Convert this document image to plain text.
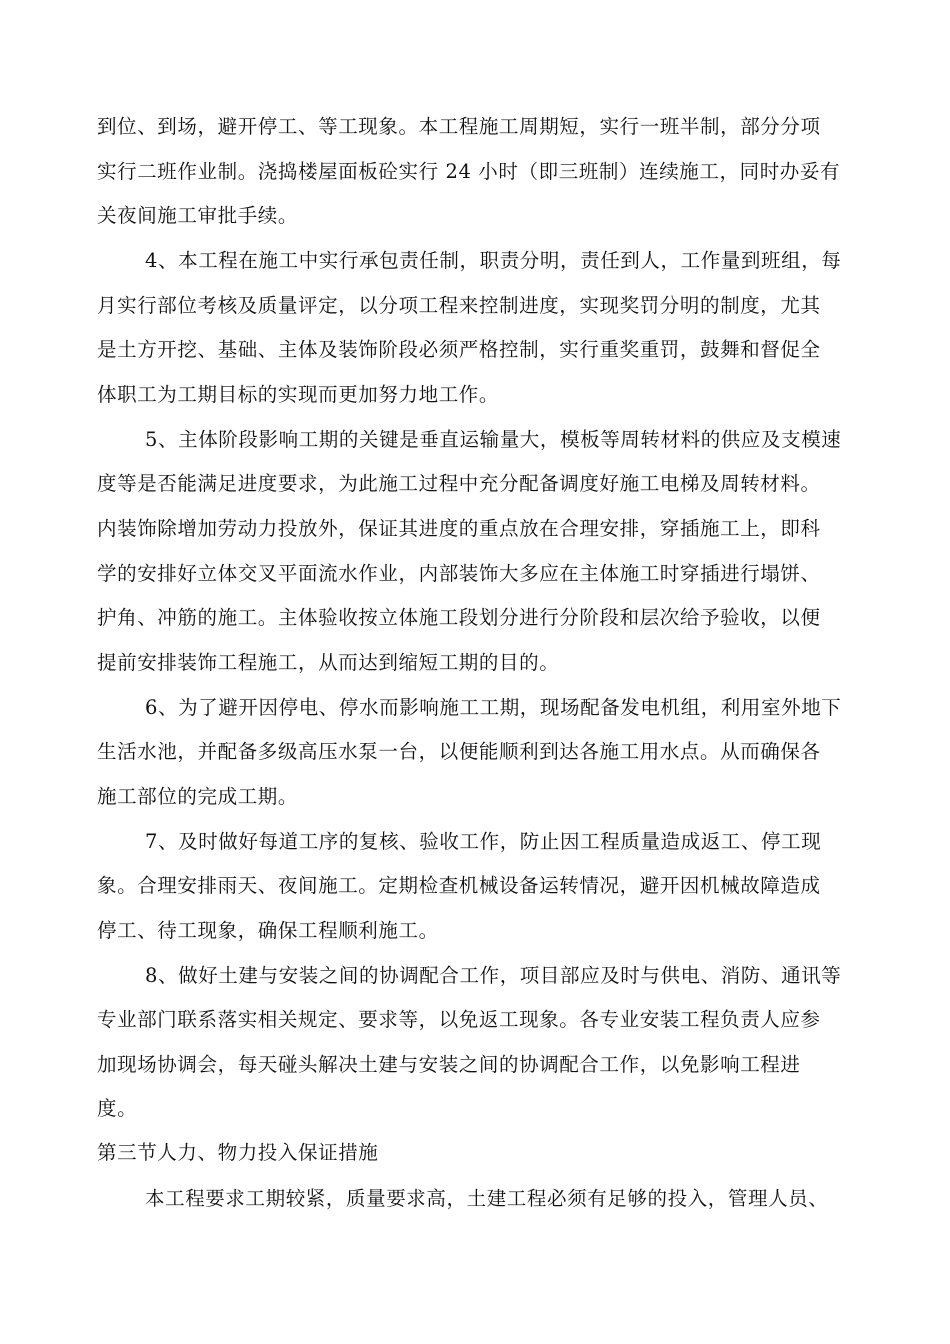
到位、到场，避开停工、等工现象。本工程施工周期短，实行一班半制，部分分项
实行二班作业制。浇捣楼屋面板砼实行 24 小时（即三班制）连续施工，同时办妥有
关夜间施工审批手续。
4、本工程在施工中实行承包责任制，职责分明，责任到人，工作量到班组，每
月实行部位考核及质量评定，以分项工程来控制进度，实现奖罚分明的制度，尤其
是土方开挖、基础、主体及装饰阶段必须严格控制，实行重奖重罚，鼓舞和督促全
体职工为工期目标的实现而更加努力地工作。
5、主体阶段影响工期的关键是垂直运输量大，模板等周转材料的供应及支模速
度等是否能满足进度要求，为此施工过程中充分配备调度好施工电梯及周转材料。
内装饰除增加劳动力投放外，保证其进度的重点放在合理安排，穿插施工上，即科
学的安排好立体交叉平面流水作业，内部装饰大多应在主体施工时穿插进行塌饼、
护角、冲筋的施工。主体验收按立体施工段划分进行分阶段和层次给予验收，以便
提前安排装饰工程施工，从而达到缩短工期的目的。
6、为了避开因停电、停水而影响施工工期，现场配备发电机组，利用室外地下
生活水池，并配备多级高压水泵一台，以便能顺利到达各施工用水点。从而确保各
施工部位的完成工期。
7、及时做好每道工序的复核、验收工作，防止因工程质量造成返工、停工现
象。合理安排雨天、夜间施工。定期检查机械设备运转情况，避开因机械故障造成
停工、待工现象，确保工程顺利施工。
8、做好土建与安装之间的协调配合工作，项目部应及时与供电、消防、通讯等
专业部门联系落实相关规定、要求等，以免返工现象。各专业安装工程负责人应参
加现场协调会，每天碰头解决土建与安装之间的协调配合工作，以免影响工程进
度。
第三节人力、物力投入保证措施
本工程要求工期较紧，质量要求高，土建工程必须有足够的投入，管理人员、
